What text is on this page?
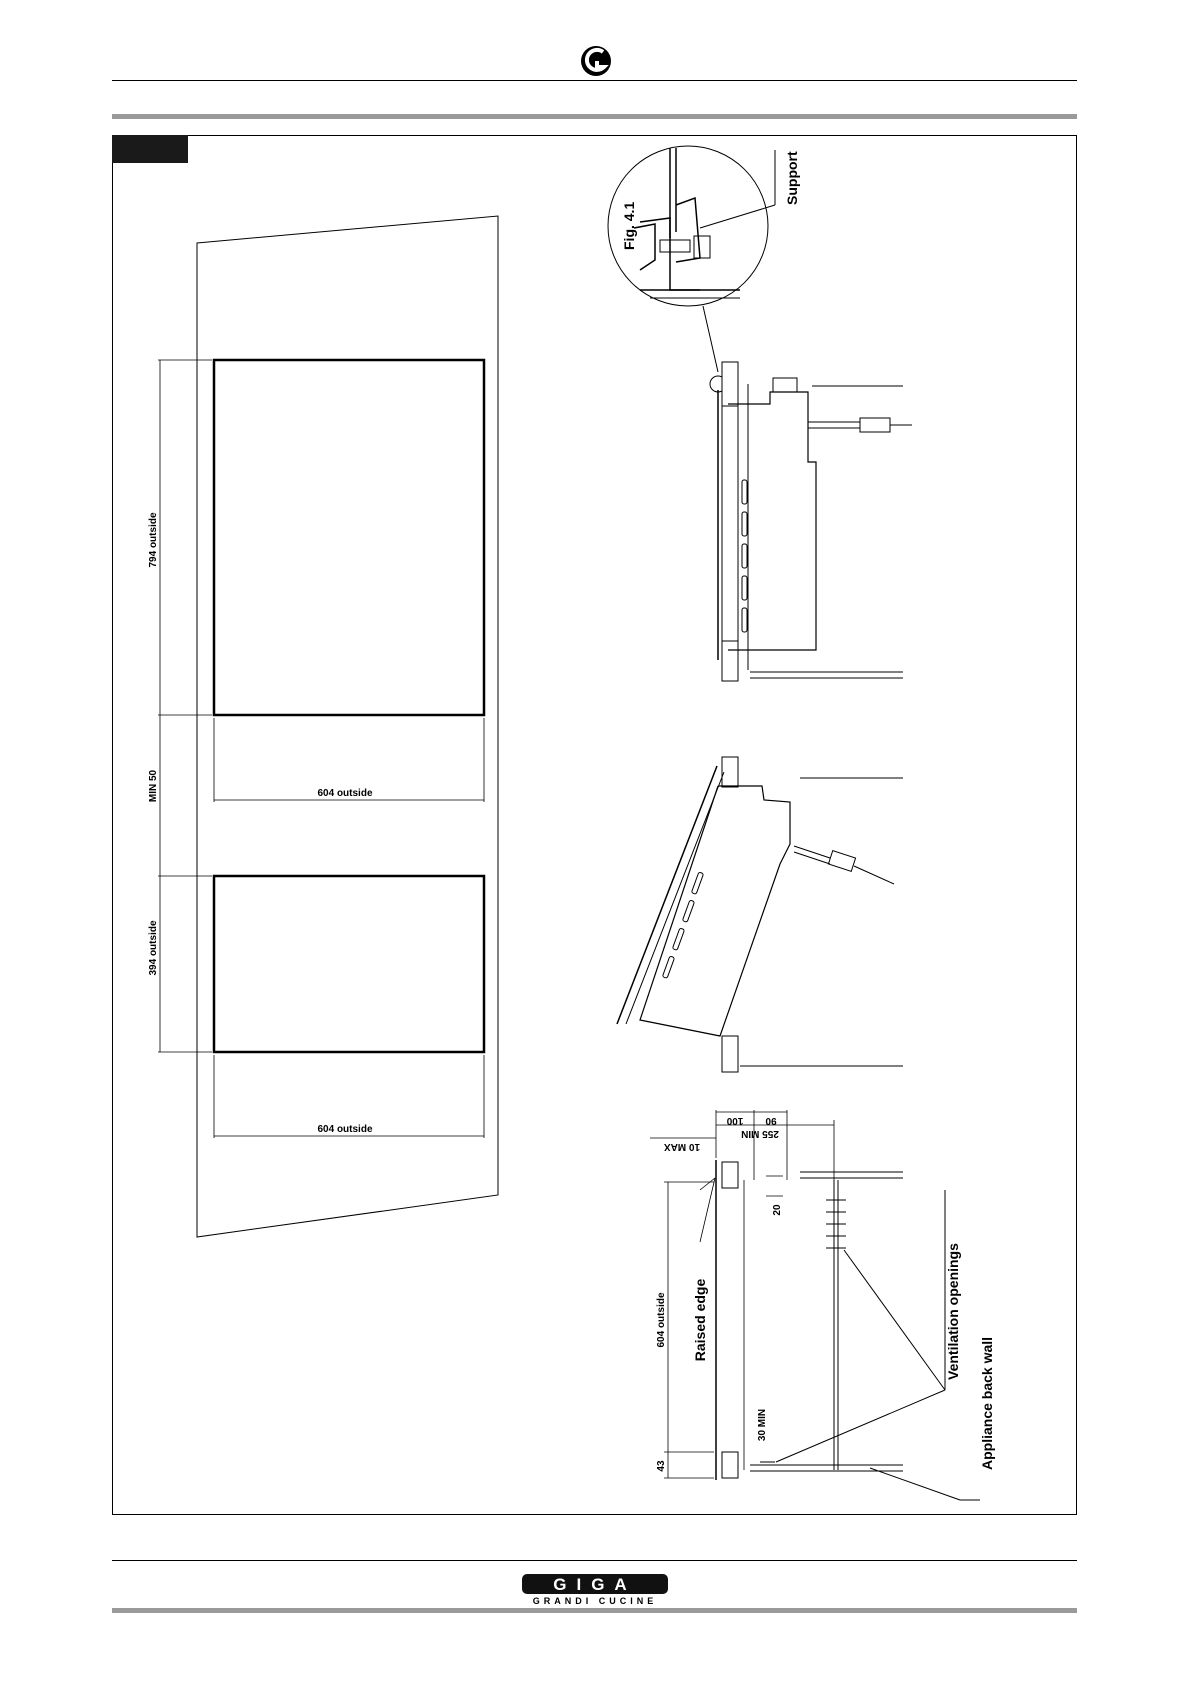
794 outside
604 outside
MIN 50
394 outside
604 outside
Support
Fig. 4.1
100 90
255 MIN
10 MAX
20
604 outside
43
Raised edge
30 MIN
Ventilation openings
Appliance back wall
GIGA
GRANDI CUCINE
